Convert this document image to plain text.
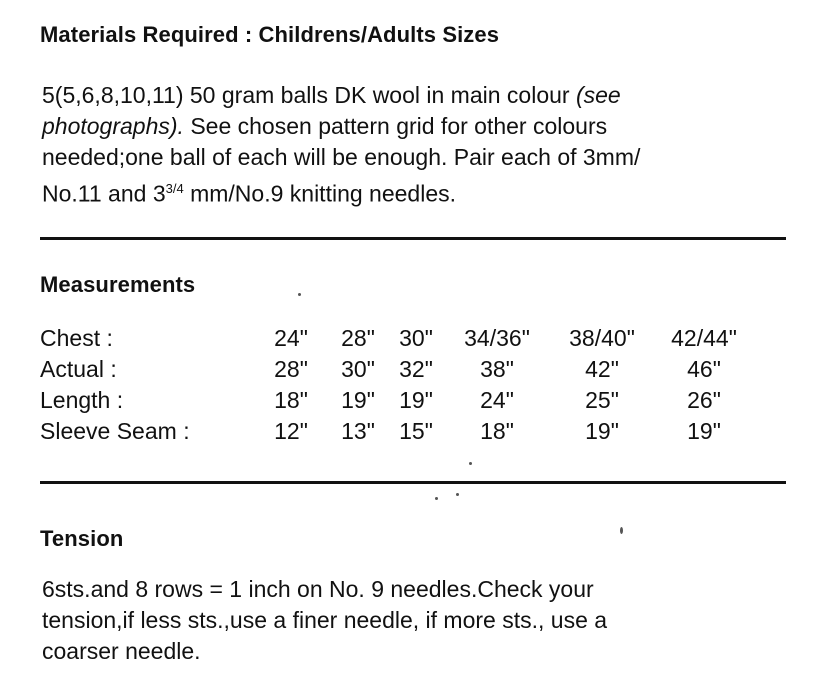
Materials Required : Childrens/Adults Sizes
5(5,6,8,10,11) 50 gram balls DK wool in main colour (see
photographs). See chosen pattern grid for other colours
needed;one ball of each will be enough. Pair each of 3mm/
No.11 and $3^{3/4}$ mm/No.9 knitting needles.
Measurements
Chest :	24" 28" 30" 34/36" 38/40" 42/44"
Actual :	28" 30" 32" 38"	42"	46"
Length :	18" 19" 19" 24"	25"	26"
Sleeve Seam :	12" 13" 15" 18"	19"	19"
Tension
6sts.and 8 rows = 1 inch on No. 9 needles.Check your
tension,if less sts.,use a finer needle, if more sts., use a
coarser needle.
